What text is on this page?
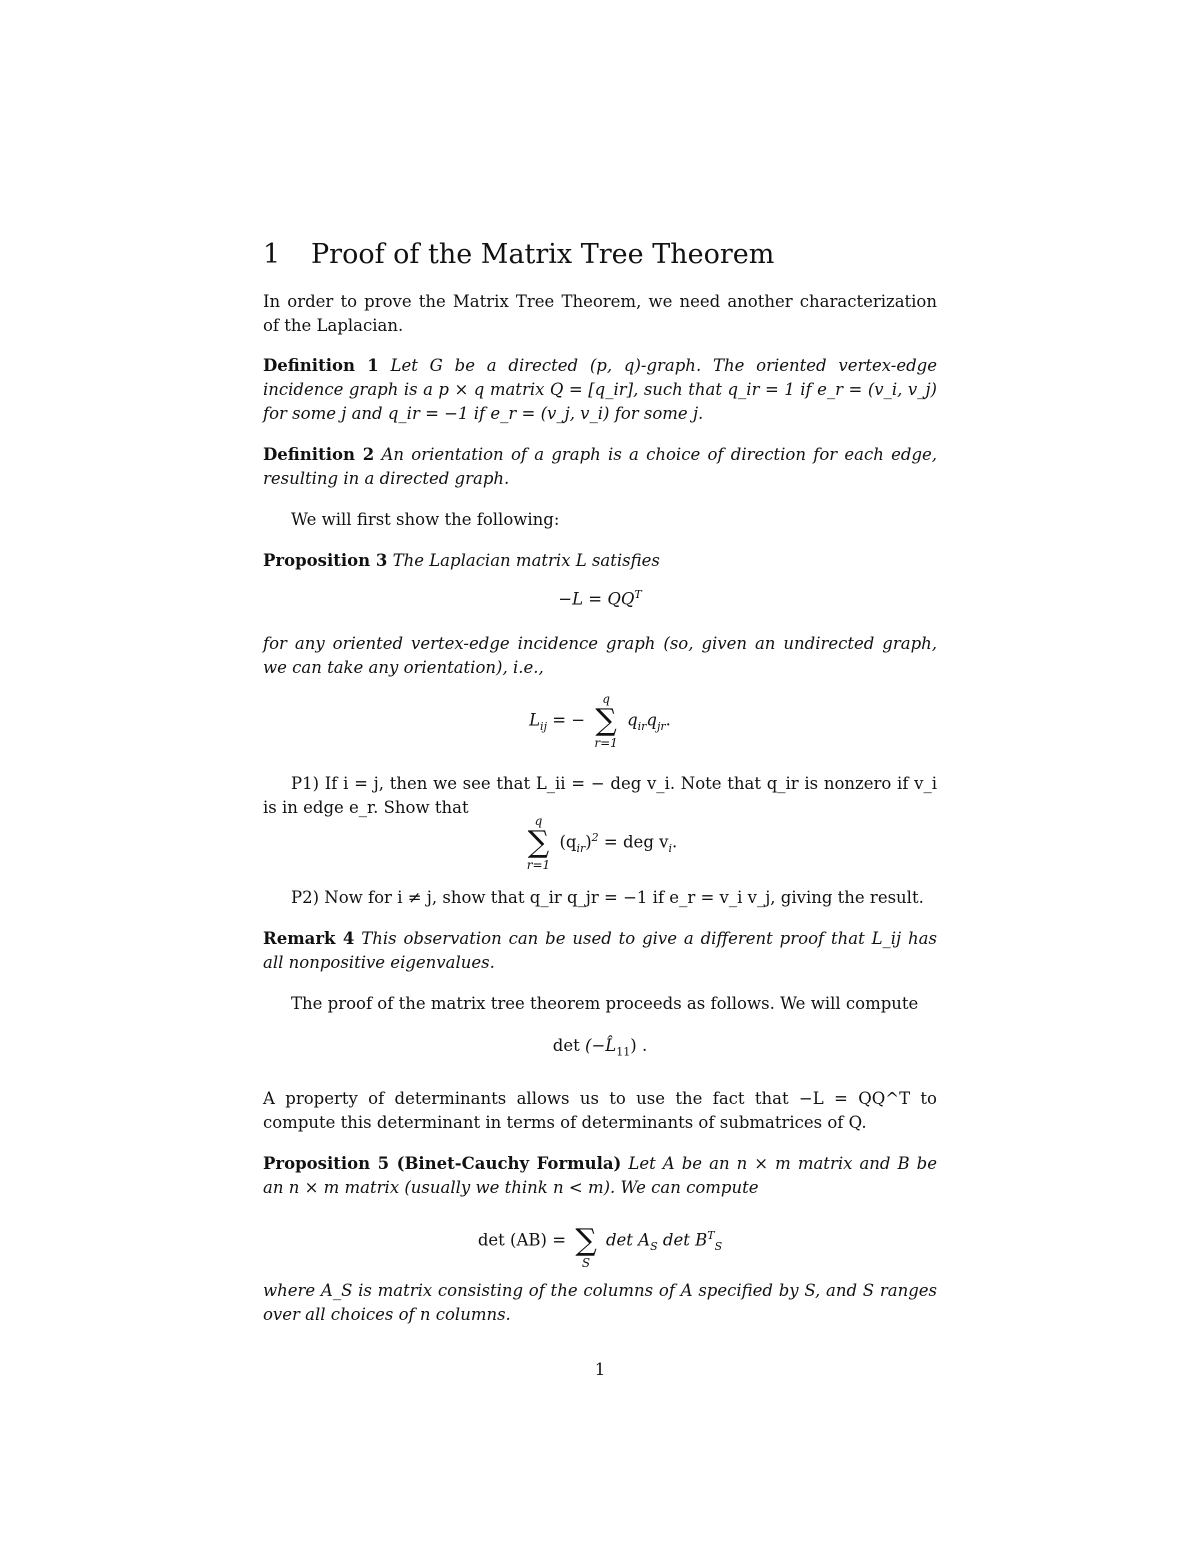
1 Proof of the Matrix Tree Theorem
In order to prove the Matrix Tree Theorem, we need another characterization of the Laplacian.
Definition 1 Let G be a directed (p, q)-graph. The oriented vertex-edge incidence graph is a p × q matrix Q = [q_ir], such that q_ir = 1 if e_r = (v_i, v_j) for some j and q_ir = −1 if e_r = (v_j, v_i) for some j.
Definition 2 An orientation of a graph is a choice of direction for each edge, resulting in a directed graph.
We will first show the following:
Proposition 3 The Laplacian matrix L satisfies
$-L = QQ^T$
for any oriented vertex-edge incidence graph (so, given an undirected graph, we can take any orientation), i.e.,
$L_{ij}$ = −
q
∑
r=1
$q_{ir}q_{jr}$.
P1) If i = j, then we see that L_ii = − deg v_i. Note that q_ir is nonzero if v_i is in edge e_r. Show that
q
∑
r=1
$(q_{ir})^2$ = deg $v_i$.
P2) Now for i ≠ j, show that q_ir q_jr = −1 if e_r = v_i v_j, giving the result.
Remark 4 This observation can be used to give a different proof that L_ij has all nonpositive eigenvalues.
The proof of the matrix tree theorem proceeds as follows. We will compute
$\det (-L̂_{11})$ .
A property of determinants allows us to use the fact that −L = QQ^T to compute this determinant in terms of determinants of submatrices of Q.
Proposition 5 (Binet-Cauchy Formula) Let A be an n × m matrix and B be an n × m matrix (usually we think n < m). We can compute
det (AB) =
∑
S
$\det A_S$ $\det B^T_S$
where A_S is matrix consisting of the columns of A specified by S, and S ranges over all choices of n columns.
1
